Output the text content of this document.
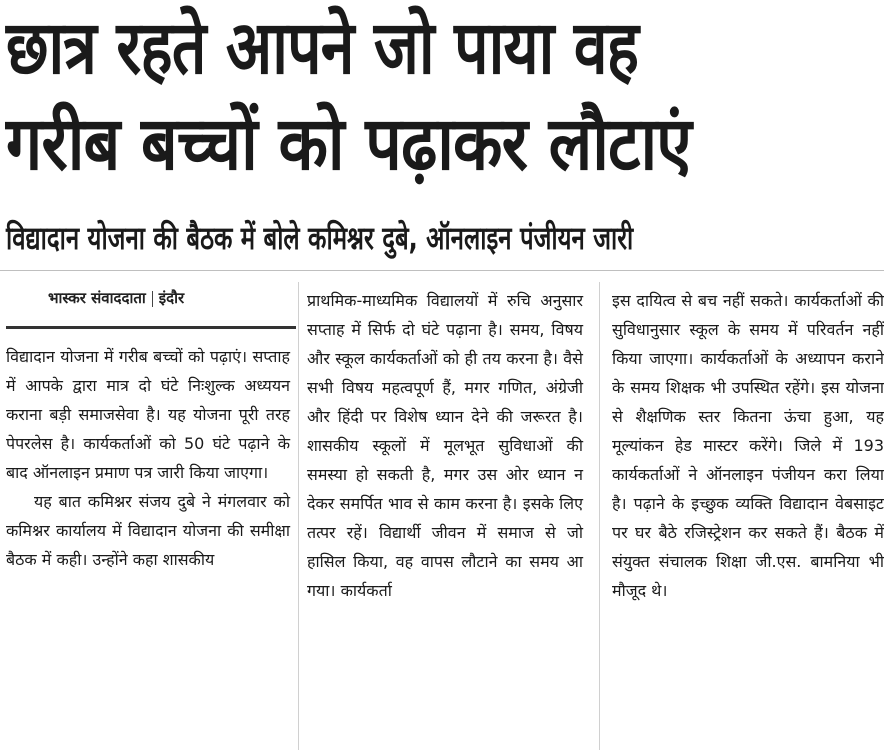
छात्र रहते आपने जो पाया वह
गरीब बच्चों को पढ़ाकर लौटाएं
विद्यादान योजना की बैठक में बोले कमिश्नर दुबे, ऑनलाइन पंजीयन जारी
भास्कर संवाददाता इंदौर

विद्यादान योजना में गरीब बच्चों को पढ़ाएं। सप्ताह में आपके द्वारा मात्र दो घंटे निःशुल्क अध्ययन कराना बड़ी समाजसेवा है। यह योजना पूरी तरह पेपरलेस है। कार्यकर्ताओं को 50 घंटे पढ़ाने के बाद ऑनलाइन प्रमाण पत्र जारी किया जाएगा।

यह बात कमिश्नर संजय दुबे ने मंगलवार को कमिश्नर कार्यालय में विद्यादान योजना की समीक्षा बैठक में कही। उन्होंने कहा शासकीय

प्राथमिक-माध्यमिक विद्यालयों में रुचि अनुसार सप्ताह में सिर्फ दो घंटे पढ़ाना है। समय, विषय और स्कूल कार्यकर्ताओं को ही तय करना है। वैसे सभी विषय महत्वपूर्ण हैं, मगर गणित, अंग्रेजी और हिंदी पर विशेष ध्यान देने की जरूरत है। शासकीय स्कूलों में मूलभूत सुविधाओं की समस्या हो सकती है, मगर उस ओर ध्यान न देकर समर्पित भाव से काम करना है। इसके लिए तत्पर रहें। विद्यार्थी जीवन में समाज से जो हासिल किया, वह वापस लौटाने का समय आ गया। कार्यकर्ता

इस दायित्व से बच नहीं सकते। कार्यकर्ताओं की सुविधानुसार स्कूल के समय में परिवर्तन नहीं किया जाएगा। कार्यकर्ताओं के अध्यापन कराने के समय शिक्षक भी उपस्थित रहेंगे। इस योजना से शैक्षणिक स्तर कितना ऊंचा हुआ, यह मूल्यांकन हेड मास्टर करेंगे। जिले में 193 कार्यकर्ताओं ने ऑनलाइन पंजीयन करा लिया है। पढ़ाने के इच्छुक व्यक्ति विद्यादान वेबसाइट पर घर बैठे रजिस्ट्रेशन कर सकते हैं। बैठक में संयुक्त संचालक शिक्षा जी.एस. बामनिया भी मौजूद थे।
